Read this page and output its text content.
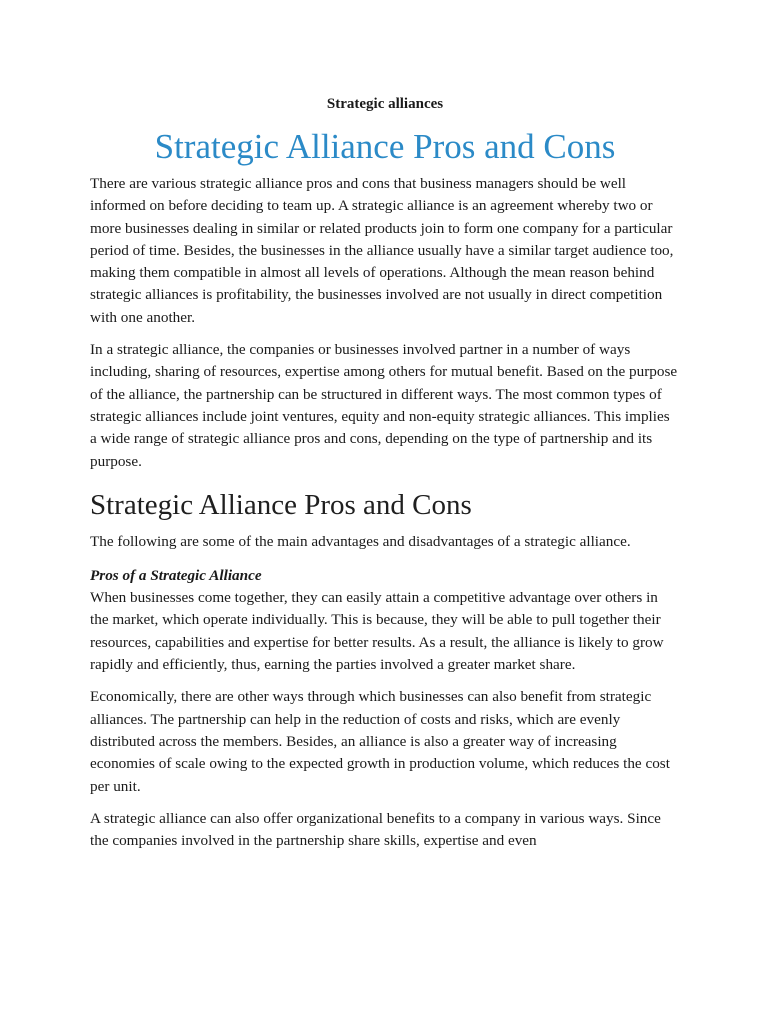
Strategic alliances

Strategic Alliance Pros and Cons

There are various strategic alliance pros and cons that business managers should be well informed on before deciding to team up. A strategic alliance is an agreement whereby two or more businesses dealing in similar or related products join to form one company for a particular period of time. Besides, the businesses in the alliance usually have a similar target audience too, making them compatible in almost all levels of operations. Although the mean reason behind strategic alliances is profitability, the businesses involved are not usually in direct competition with one another.

In a strategic alliance, the companies or businesses involved partner in a number of ways including, sharing of resources, expertise among others for mutual benefit. Based on the purpose of the alliance, the partnership can be structured in different ways. The most common types of strategic alliances include joint ventures, equity and non-equity strategic alliances. This implies a wide range of strategic alliance pros and cons, depending on the type of partnership and its purpose.

Strategic Alliance Pros and Cons

The following are some of the main advantages and disadvantages of a strategic alliance.

Pros of a Strategic Alliance

When businesses come together, they can easily attain a competitive advantage over others in the market, which operate individually. This is because, they will be able to pull together their resources, capabilities and expertise for better results. As a result, the alliance is likely to grow rapidly and efficiently, thus, earning the parties involved a greater market share.

Economically, there are other ways through which businesses can also benefit from strategic alliances. The partnership can help in the reduction of costs and risks, which are evenly distributed across the members. Besides, an alliance is also a greater way of increasing economies of scale owing to the expected growth in production volume, which reduces the cost per unit.

A strategic alliance can also offer organizational benefits to a company in various ways. Since the companies involved in the partnership share skills, expertise and even
